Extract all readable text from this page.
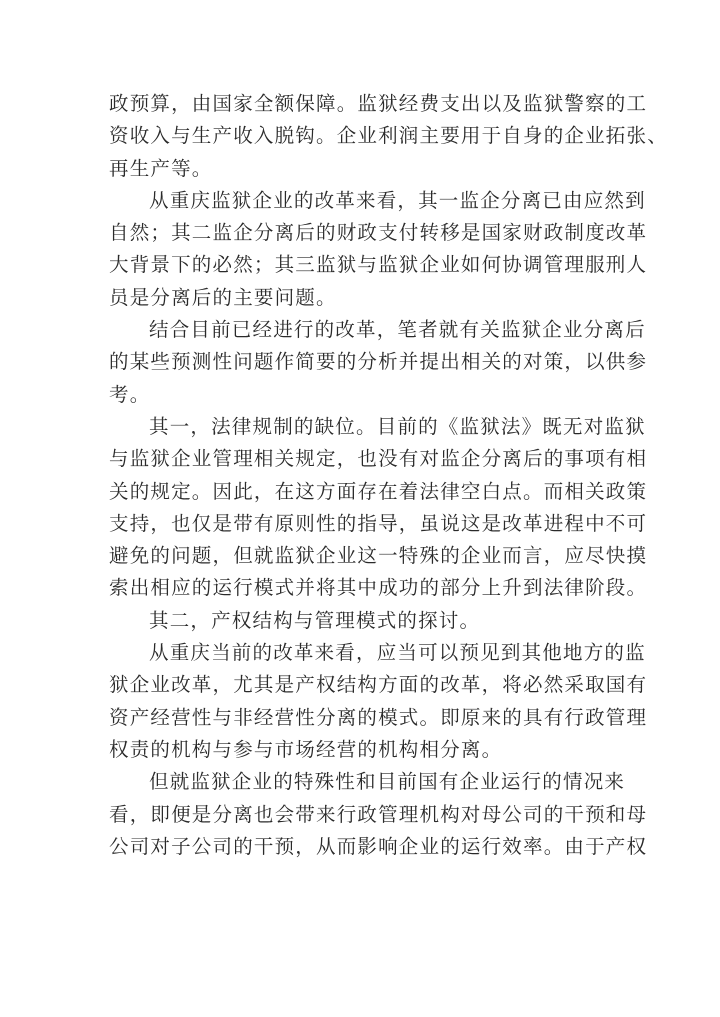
政预算，由国家全额保障。监狱经费支出以及监狱警察的工
资收入与生产收入脱钩。企业利润主要用于自身的企业拓张、
再生产等。
从重庆监狱企业的改革来看，其一监企分离已由应然到
自然；其二监企分离后的财政支付转移是国家财政制度改革
大背景下的必然；其三监狱与监狱企业如何协调管理服刑人
员是分离后的主要问题。
结合目前已经进行的改革，笔者就有关监狱企业分离后
的某些预测性问题作简要的分析并提出相关的对策，以供参
考。
其一，法律规制的缺位。目前的《监狱法》既无对监狱
与监狱企业管理相关规定，也没有对监企分离后的事项有相
关的规定。因此，在这方面存在着法律空白点。而相关政策
支持，也仅是带有原则性的指导，虽说这是改革进程中不可
避免的问题，但就监狱企业这一特殊的企业而言，应尽快摸
索出相应的运行模式并将其中成功的部分上升到法律阶段。
其二，产权结构与管理模式的探讨。
从重庆当前的改革来看，应当可以预见到其他地方的监
狱企业改革，尤其是产权结构方面的改革，将必然采取国有
资产经营性与非经营性分离的模式。即原来的具有行政管理
权责的机构与参与市场经营的机构相分离。
但就监狱企业的特殊性和目前国有企业运行的情况来
看，即便是分离也会带来行政管理机构对母公司的干预和母
公司对子公司的干预，从而影响企业的运行效率。由于产权
